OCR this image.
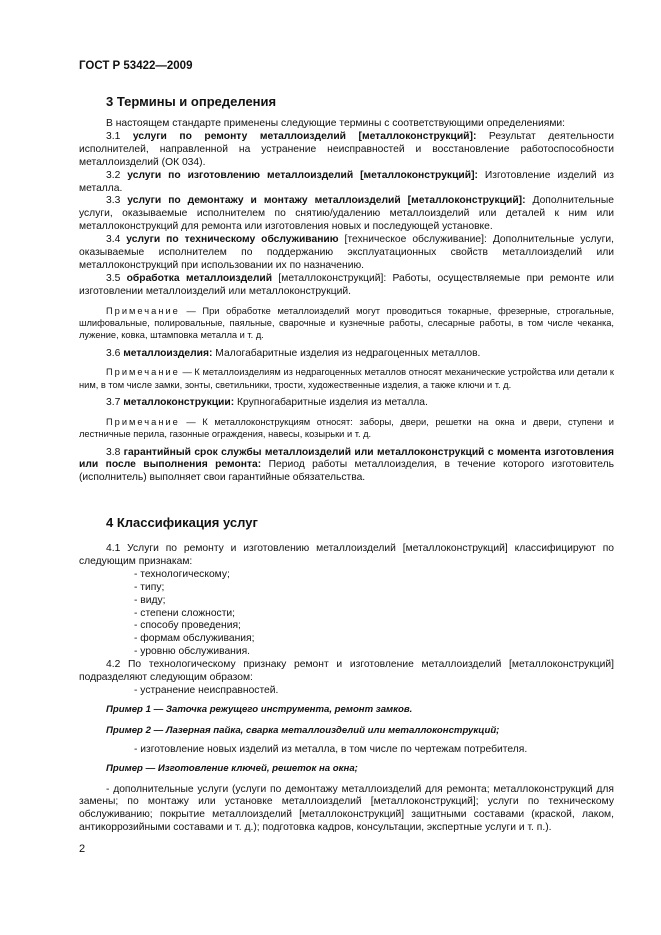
ГОСТ Р 53422—2009
3 Термины и определения

В настоящем стандарте применены следующие термины с соответствующими определениями:

3.1 услуги по ремонту металлоизделий [металлоконструкций]: Результат деятельности исполнителей, направленной на устранение неисправностей и восстановление работоспособности металлоизделий (ОК 034).

3.2 услуги по изготовлению металлоизделий [металлоконструкций]: Изготовление изделий из металла.

3.3 услуги по демонтажу и монтажу металлоизделий [металлоконструкций]: Дополнительные услуги, оказываемые исполнителем по снятию/удалению металлоизделий или деталей к ним или металлоконструкций для ремонта или изготовления новых и последующей установке.

3.4 услуги по техническому обслуживанию [техническое обслуживание]: Дополнительные услуги, оказываемые исполнителем по поддержанию эксплуатационных свойств металлоизделий или металлоконструкций при использовании их по назначению.

3.5 обработка металлоизделий [металлоконструкций]: Работы, осуществляемые при ремонте или изготовлении металлоизделий или металлоконструкций.

Примечание — При обработке металлоизделий могут проводиться токарные, фрезерные, строгальные, шлифовальные, полировальные, паяльные, сварочные и кузнечные работы, слесарные работы, в том числе чеканка, лужение, ковка, штамповка металла и т. д.

3.6 металлоизделия: Малогабаритные изделия из недрагоценных металлов.

Примечание — К металлоизделиям из недрагоценных металлов относят механические устройства или детали к ним, в том числе замки, зонты, светильники, трости, художественные изделия, а также ключи и т. д.

3.7 металлоконструкции: Крупногабаритные изделия из металла.

Примечание — К металлоконструкциям относят: заборы, двери, решетки на окна и двери, ступени и лестничные перила, газонные ограждения, навесы, козырьки и т. д.

3.8 гарантийный срок службы металлоизделий или металлоконструкций с момента изготовления или после выполнения ремонта: Период работы металлоизделия, в течение которого изготовитель (исполнитель) выполняет свои гарантийные обязательства.

4 Классификация услуг

4.1 Услуги по ремонту и изготовлению металлоизделий [металлоконструкций] классифицируют по следующим признакам:

- технологическому;

- типу;

- виду;

- степени сложности;

- способу проведения;

- формам обслуживания;

- уровню обслуживания.

4.2 По технологическому признаку ремонт и изготовление металлоизделий [металлоконструкций] подразделяют следующим образом:

- устранение неисправностей.

Пример 1 — Заточка режущего инструмента, ремонт замков.

Пример 2 — Лазерная пайка, сварка металлоизделий или металлоконструкций;

- изготовление новых изделий из металла, в том числе по чертежам потребителя.

Пример — Изготовление ключей, решеток на окна;

- дополнительные услуги (услуги по демонтажу металлоизделий для ремонта; металлоконструкций для замены; по монтажу или установке металлоизделий [металлоконструкций]; услуги по техническому обслуживанию; покрытие металлоизделий [металлоконструкций] защитными составами (краской, лаком, антикоррозийными составами и т. д.); подготовка кадров, консультации, экспертные услуги и т. п.).

2
